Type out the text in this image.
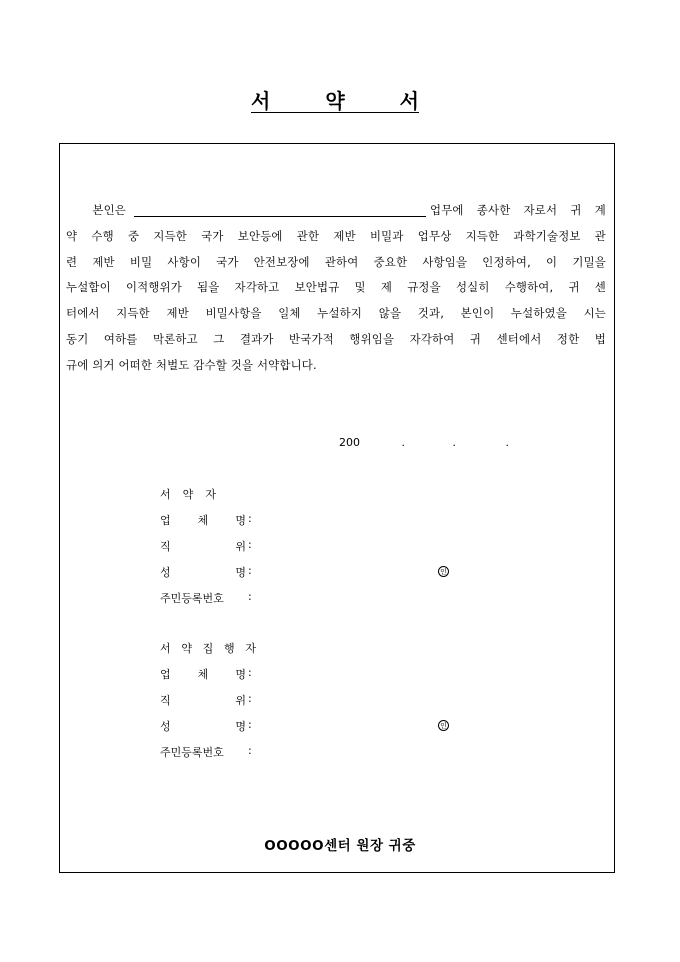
서	약	서
본인은	업무에 종사한 자로서 귀 계
약 수행 중 지득한 국가 보안등에 관한 제반 비밀과 업무상 지득한 과학기술정보 관
련 제반 비밀 사항이 국가 안전보장에 관하여 중요한 사항임을 인정하여, 이 기밀을
누설함이 이적행위가 됨을 자각하고 보안법규 및 제 규정을 성실히 수행하여, 귀 센
터에서 지득한 제반 비밀사항을 일체 누설하지 않을 것과, 본인이 누설하였을 시는
동기 여하를 막론하고 그 결과가 반국가적 행위임을 자각하여 귀 센터에서 정한 법
규에 의거 어떠한 처벌도 감수할 것을 서약합니다.
200	.	.	.
서 약 자
업 체 명 :
직	위 :
성	명 :	인
주민등록번호 :
서 약 집 행 자
업 체 명 :
직	위 :
성	명 :	인
주민등록번호 :
OOOOO센터 원장 귀중
